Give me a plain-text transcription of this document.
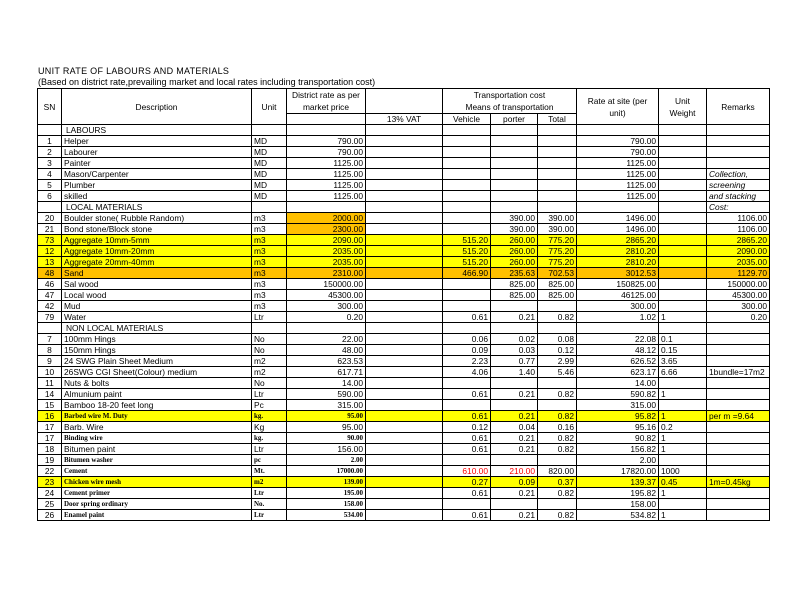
UNIT RATE OF LABOURS AND MATERIALS
(Based on district rate,prevailing market and local rates including transportation cost)
SN	Description	Unit	District rate as per market price		Transportation cost			Rate at site (per unit)	Unit Weight	Remarks
					Means of transportation					
				13% VAT	Vehicle	porter	Total			
	LABOURS									
1	Helper	MD	790.00					790.00		
2	Labourer	MD	790.00					790.00		
3	Painter	MD	1125.00					1125.00		
4	Mason/Carpenter	MD	1125.00					1125.00		Collection,
5	Plumber	MD	1125.00					1125.00		screening
6	skilled	MD	1125.00					1125.00		and stacking
	LOCAL MATERIALS									Cost:
20	Boulder stone( Rubble Random)	m3	2000.00			390.00	390.00	1496.00		1106.00
21	Bond stone/Block stone	m3	2300.00			390.00	390.00	1496.00		1106.00
73	Aggregate 10mm-5mm	m3	2090.00		515.20	260.00	775.20	2865.20		2865.20
12	Aggregate 10mm-20mm	m3	2035.00		515.20	260.00	775.20	2810.20		2090.00
13	Aggregate 20mm-40mm	m3	2035.00		515.20	260.00	775.20	2810.20		2035.00
48	Sand	m3	2310.00		466.90	235.63	702.53	3012.53		1129.70
46	Sal wood	m3	150000.00			825.00	825.00	150825.00		150000.00
47	Local wood	m3	45300.00			825.00	825.00	46125.00		45300.00
42	Mud	m3	300.00					300.00		300.00
79	Water	Ltr	0.20		0.61	0.21	0.82	1.02	1	0.20
	NON LOCAL MATERIALS									
7	100mm Hings	No	22.00		0.06	0.02	0.08	22.08	0.1	
8	150mm Hings	No	48.00		0.09	0.03	0.12	48.12	0.15	
9	24 SWG Plain Sheet Medium	m2	623.53		2.23	0.77	2.99	626.52	3.65	
10	26SWG CGI Sheet(Colour) medium	m2	617.71		4.06	1.40	5.46	623.17	6.66	1bundle=17m2
11	Nuts & bolts	No	14.00					14.00		
14	Almunium paint	Ltr	590.00		0.61	0.21	0.82	590.82	1	
15	Bamboo 18-20 feet long	Pc	315.00					315.00		
16	Barbed wire M. Duty	kg.	95.00		0.61	0.21	0.82	95.82	1	per m =9.64
17	Barb. Wire	Kg	95.00		0.12	0.04	0.16	95.16	0.2	
17	Binding wire	kg.	90.00		0.61	0.21	0.82	90.82	1	
18	Bitumen paint	Ltr	156.00		0.61	0.21	0.82	156.82	1	
19	Bitumen washer	pc	2.00					2.00		
22	Cement	Mt.	17000.00		610.00	210.00	820.00	17820.00	1000	
23	Chicken wire mesh	m2	139.00		0.27	0.09	0.37	139.37	0.45	1m=0.45kg
24	Cement primer	Ltr	195.00		0.61	0.21	0.82	195.82	1	
25	Door spring ordinary	No.	158.00					158.00		
26	Enamel paint	Ltr	534.00		0.61	0.21	0.82	534.82	1	
